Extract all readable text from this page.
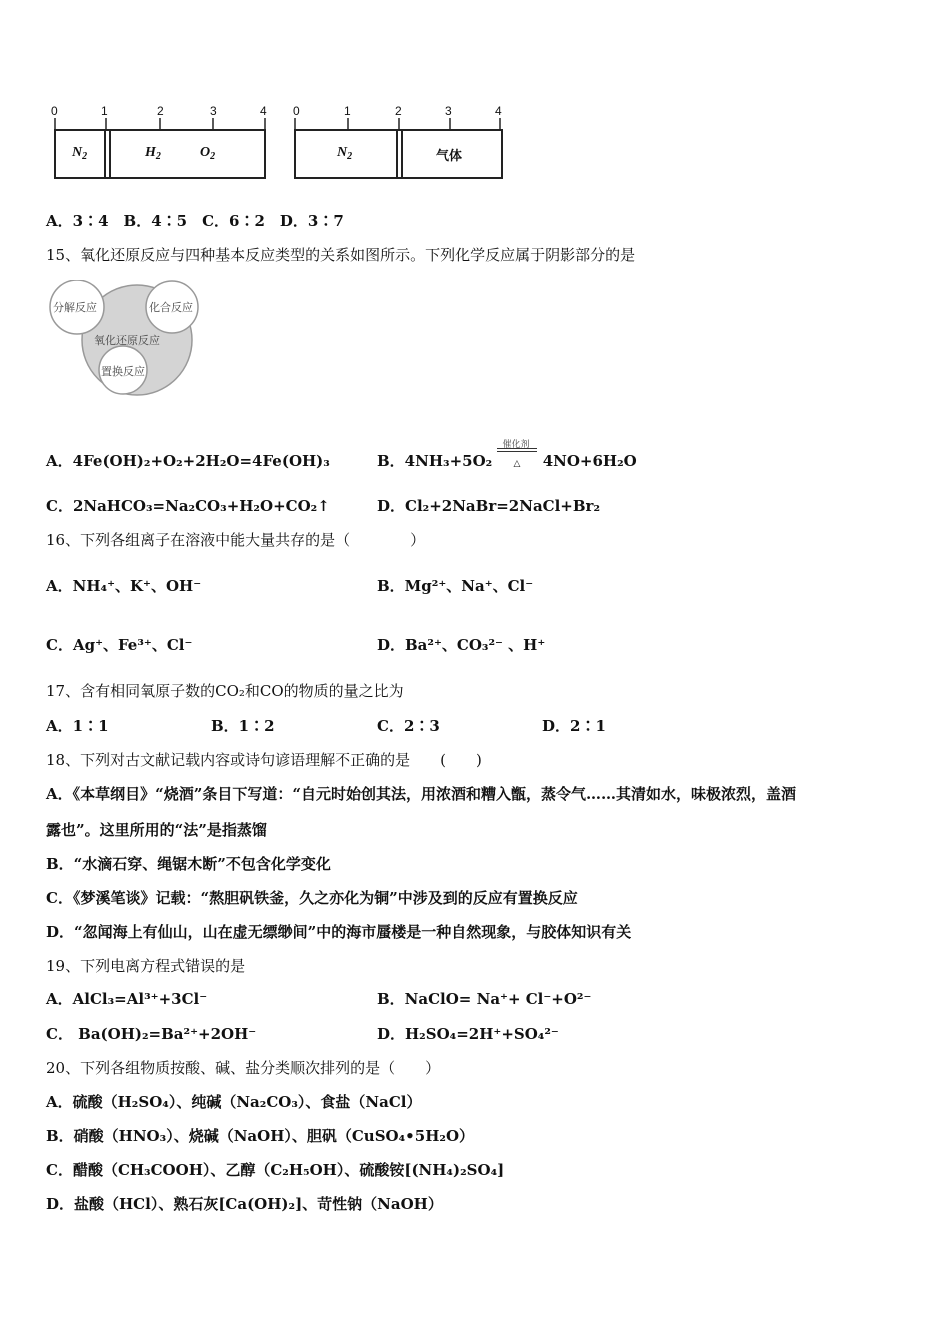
0	1	2	3	4
$N_2$	$H_2$	$O_2$
0	1	2	3	4
$N_2$	气体
A．3∶4　B．4∶5　C．6∶2　D．3∶7
15、氧化还原反应与四种基本反应类型的关系如图所示。下列化学反应属于阴影部分的是
分解反应	化合反应
氧化还原反应
置换反应
A．4Fe(OH)₂+O₂+2H₂O=4Fe(OH)₃	B．4NH₃+5O₂
催化剂
△ 4NO+6H₂O
C．2NaHCO₃=Na₂CO₃+H₂O+CO₂↑	D．Cl₂+2NaBr=2NaCl+Br₂
16、下列各组离子在溶液中能大量共存的是（　　　　）
A．NH₄⁺、K⁺、OH⁻	B．Mg²⁺、Na⁺、Cl⁻
C．Ag⁺、Fe³⁺、Cl⁻	D．Ba²⁺、CO₃²⁻ 、H⁺
17、含有相同氧原子数的CO₂和CO的物质的量之比为
A．1∶1	B．1∶2	C．2∶3	D．2∶1
18、下列对古文献记载内容或诗句谚语理解不正确的是　　(　　)
A．《本草纲目》“烧酒”条目下写道：“自元时始创其法，用浓酒和糟入甑，蒸令气……其清如水，味极浓烈，盖酒
露也”。这里所用的“法”是指蒸馏
B．“水滴石穿、绳锯木断”不包含化学变化
C．《梦溪笔谈》记载：“熬胆矾铁釜，久之亦化为铜”中涉及到的反应有置换反应
D．“忽闻海上有仙山，山在虚无缥缈间”中的海市蜃楼是一种自然现象，与胶体知识有关
19、下列电离方程式错误的是
A．AlCl₃=Al³⁺+3Cl⁻	B．NaClO= Na⁺+ Cl⁻+O²⁻
C． Ba(OH)₂=Ba²⁺+2OH⁻	D．H₂SO₄=2H⁺+SO₄²⁻
20、下列各组物质按酸、碱、盐分类顺次排列的是（　　）
A．硫酸（H₂SO₄）、纯碱（Na₂CO₃）、食盐（NaCl）
B．硝酸（HNO₃）、烧碱（NaOH）、胆矾（CuSO₄•5H₂O）
C．醋酸（CH₃COOH）、乙醇（C₂H₅OH）、硫酸铵[(NH₄)₂SO₄]
D．盐酸（HCl）、熟石灰[Ca(OH)₂]、苛性钠（NaOH）
